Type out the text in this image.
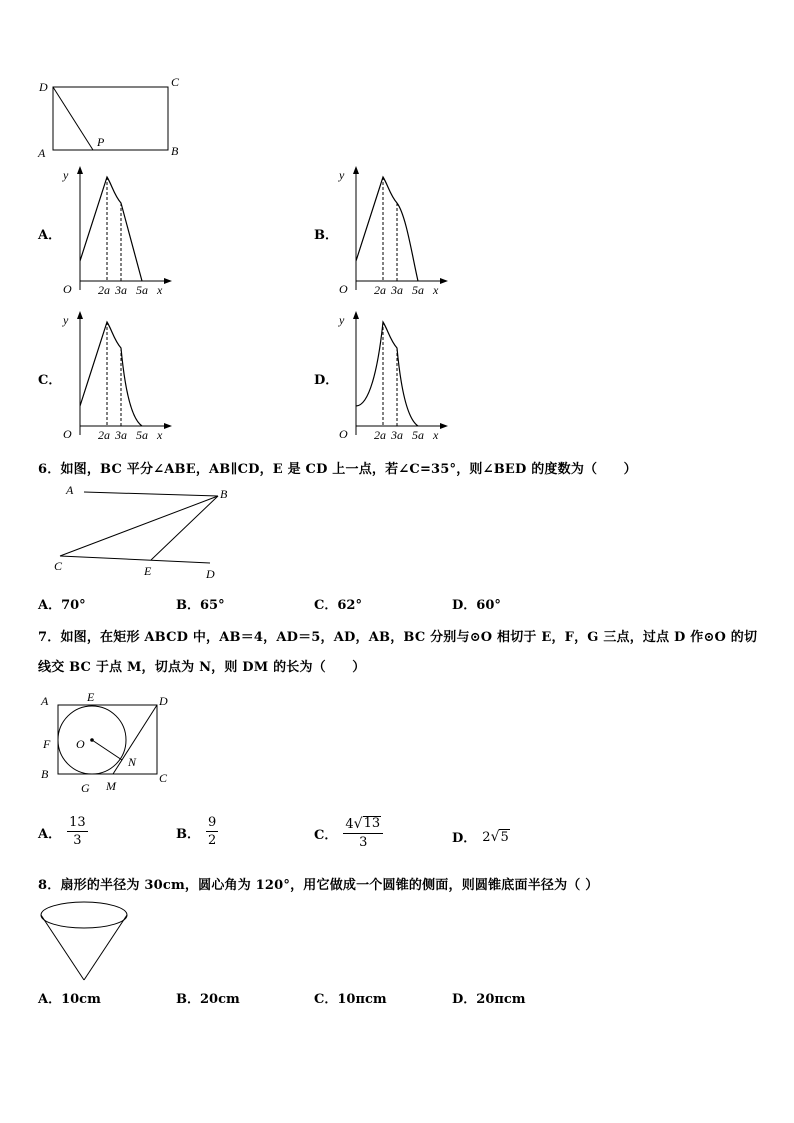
D	C
A	B
P
A．	B．
C．	D．
y
O 2a 3a 5a x
y
O 2a 3a 5a x
y
O 2a 3a 5a x
y
O 2a 3a 5a x
6．如图，BC 平分∠ABE，AB∥CD，E 是 CD 上一点，若∠C=35°，则∠BED 的度数为（　　）
A	B
C	E	D
A．70°	B．65°	C．62°	D．60°
7．如图，在矩形 ABCD 中，AB＝4，AD＝5，AD，AB，BC 分别与⊙O 相切于 E，F，G 三点，过点 D 作⊙O 的切
线交 BC 于点 M，切点为 N，则 DM 的长为（　　）
A	E	D
F O
B
N
C
G M
A． $\frac{13}{3}$	B． $\frac{9}{2}$	C． $\frac{4 √ 13}{3}$	D． 2 √ 5
8．扇形的半径为 30cm，圆心角为 120°，用它做成一个圆锥的侧面，则圆锥底面半径为（ ）
A．10cm	B．20cm	C．10πcm	D．20πcm
